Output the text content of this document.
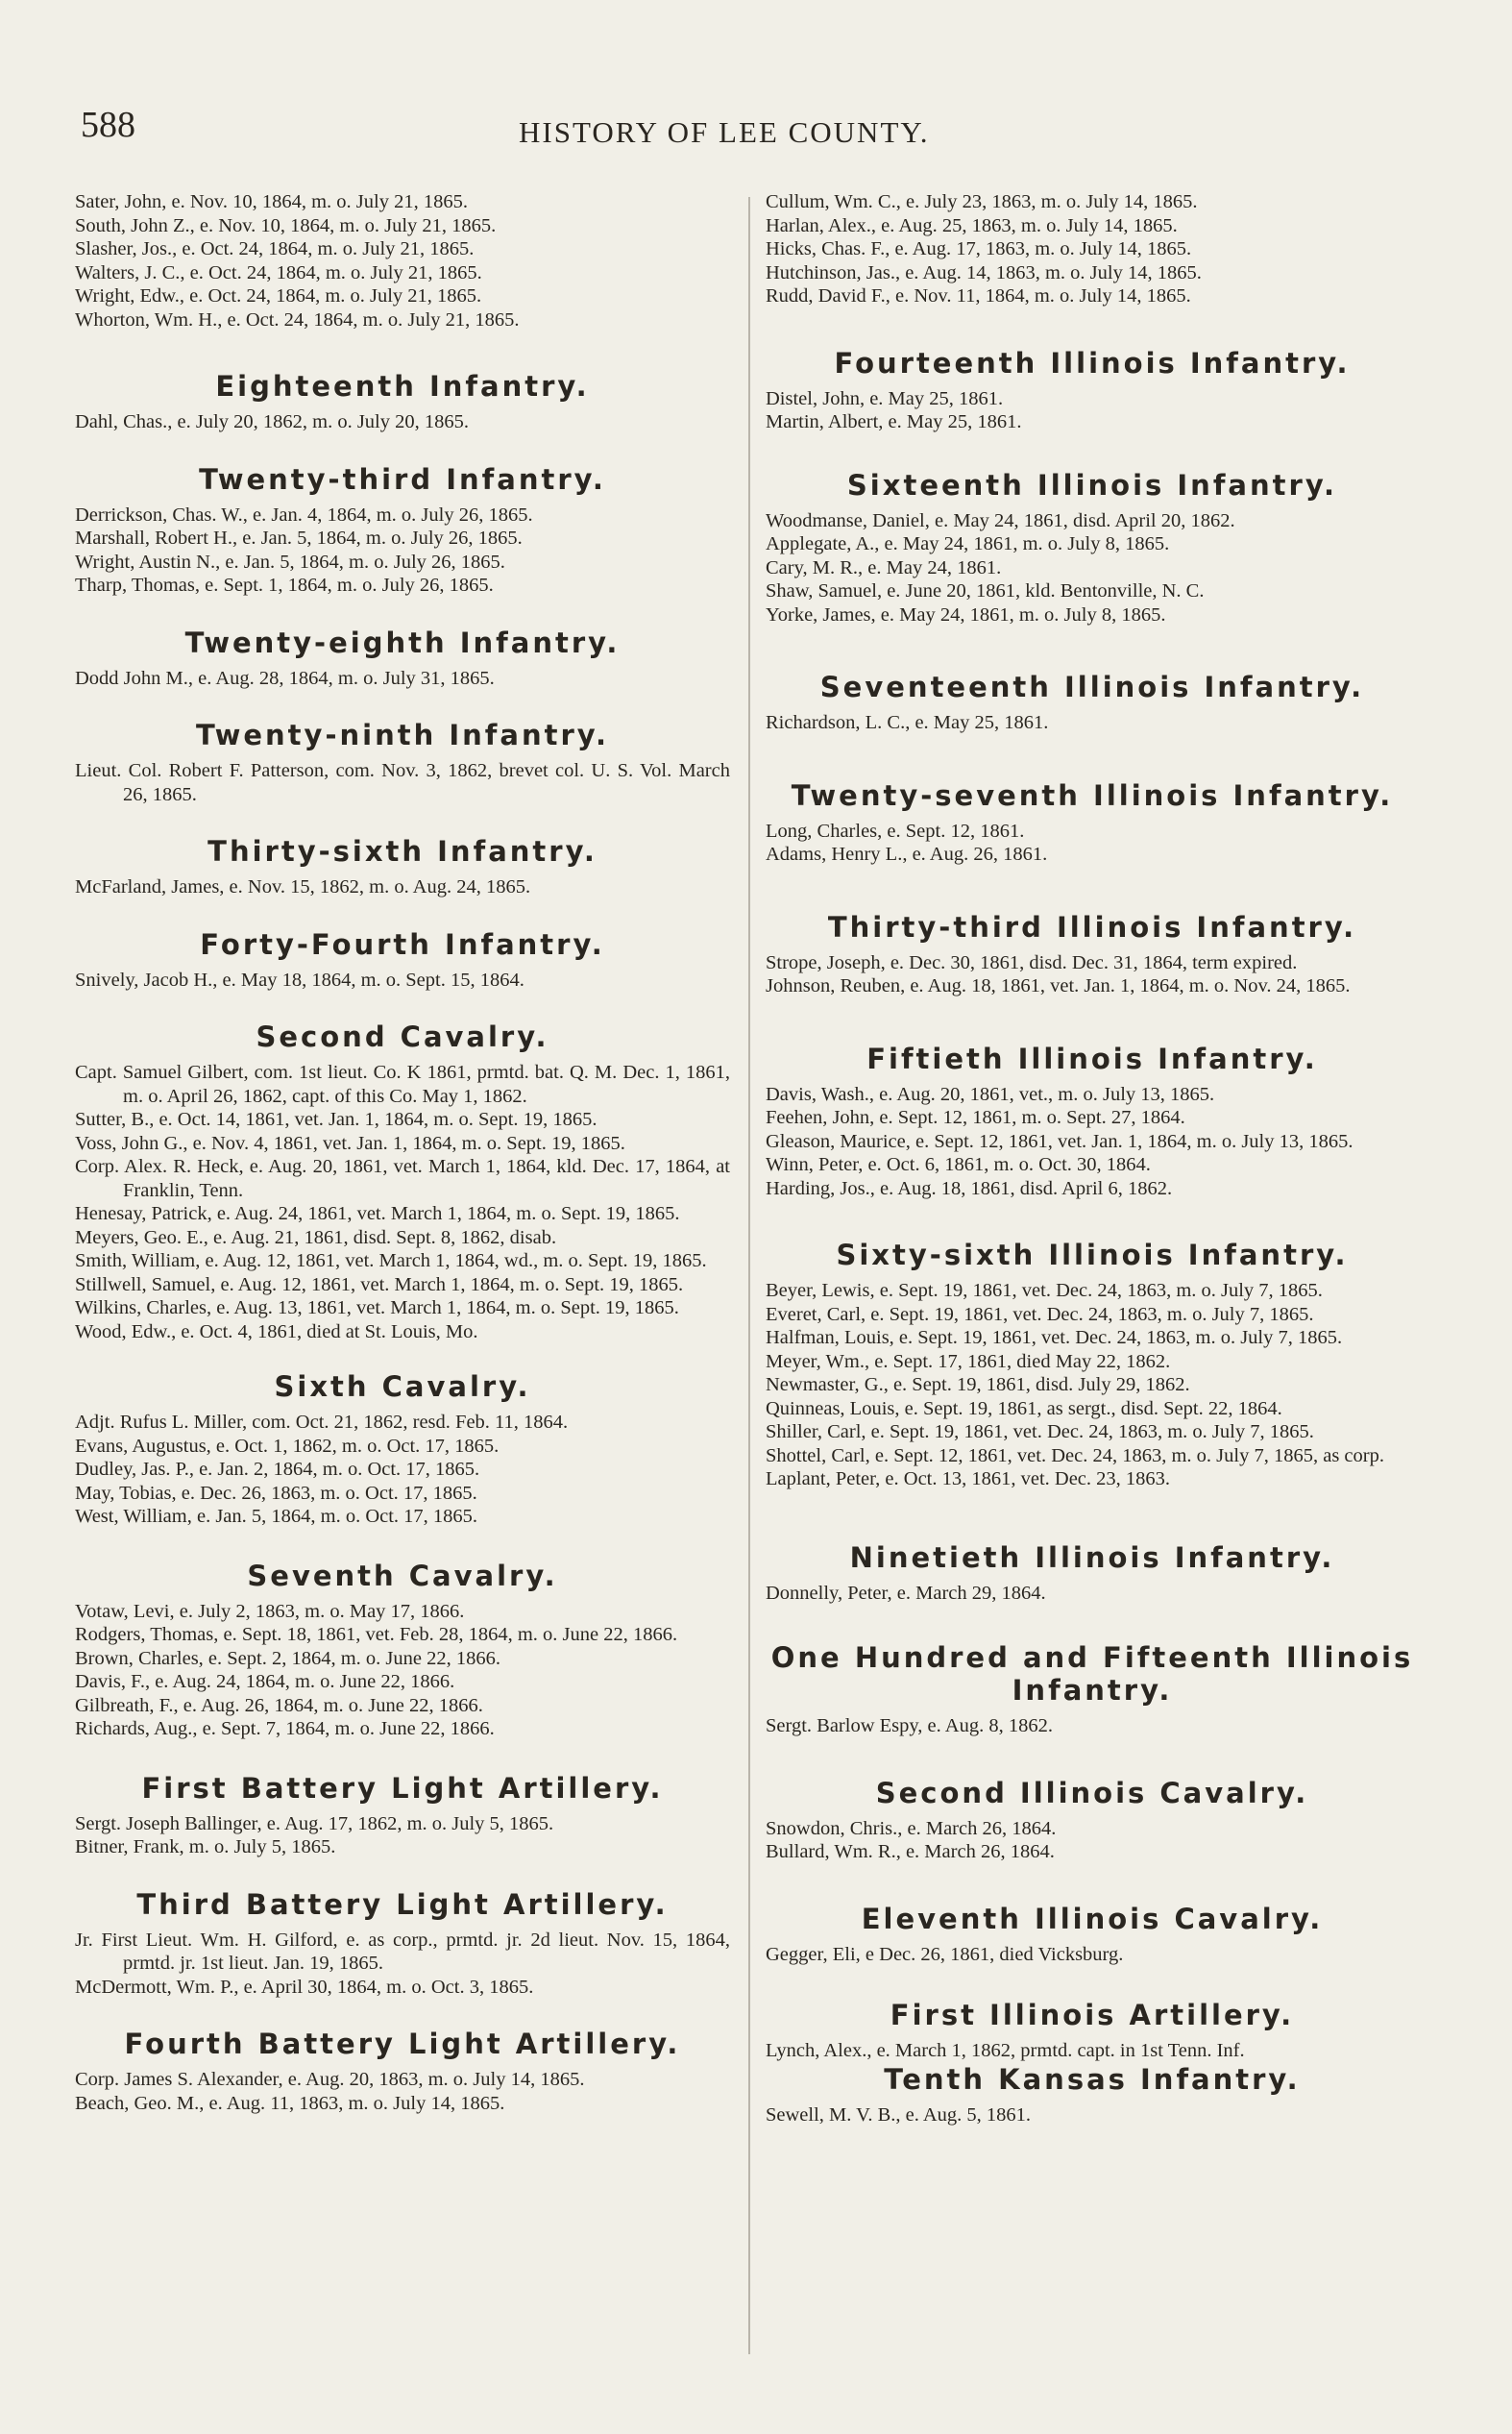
588	HISTORY OF LEE COUNTY.
Sater, John, e. Nov. 10, 1864, m. o. July 21, 1865.
South, John Z., e. Nov. 10, 1864, m. o. July 21, 1865.
Slasher, Jos., e. Oct. 24, 1864, m. o. July 21, 1865.
Walters, J. C., e. Oct. 24, 1864, m. o. July 21, 1865.
Wright, Edw., e. Oct. 24, 1864, m. o. July 21, 1865.
Whorton, Wm. H., e. Oct. 24, 1864, m. o. July 21, 1865.
Eighteenth Infantry.
Dahl, Chas., e. July 20, 1862, m. o. July 20, 1865.
Twenty-third Infantry.
Derrickson, Chas. W., e. Jan. 4, 1864, m. o. July 26, 1865.
Marshall, Robert H., e. Jan. 5, 1864, m. o. July 26, 1865.
Wright, Austin N., e. Jan. 5, 1864, m. o. July 26, 1865.
Tharp, Thomas, e. Sept. 1, 1864, m. o. July 26, 1865.
Twenty-eighth Infantry.
Dodd John M., e. Aug. 28, 1864, m. o. July 31, 1865.
Twenty-ninth Infantry.
Lieut. Col. Robert F. Patterson, com. Nov. 3, 1862, brevet col. U. S. Vol. March 26, 1865.
Thirty-sixth Infantry.
McFarland, James, e. Nov. 15, 1862, m. o. Aug. 24, 1865.
Forty-Fourth Infantry.
Snively, Jacob H., e. May 18, 1864, m. o. Sept. 15, 1864.
Second Cavalry.
Capt. Samuel Gilbert, com. 1st lieut. Co. K 1861, prmtd. bat. Q. M. Dec. 1, 1861, m. o. April 26, 1862, capt. of this Co. May 1, 1862.
Sutter, B., e. Oct. 14, 1861, vet. Jan. 1, 1864, m. o. Sept. 19, 1865.
Voss, John G., e. Nov. 4, 1861, vet. Jan. 1, 1864, m. o. Sept. 19, 1865.
Corp. Alex. R. Heck, e. Aug. 20, 1861, vet. March 1, 1864, kld. Dec. 17, 1864, at Franklin, Tenn.
Henesay, Patrick, e. Aug. 24, 1861, vet. March 1, 1864, m. o. Sept. 19, 1865.
Meyers, Geo. E., e. Aug. 21, 1861, disd. Sept. 8, 1862, disab.
Smith, William, e. Aug. 12, 1861, vet. March 1, 1864, wd., m. o. Sept. 19, 1865.
Stillwell, Samuel, e. Aug. 12, 1861, vet. March 1, 1864, m. o. Sept. 19, 1865.
Wilkins, Charles, e. Aug. 13, 1861, vet. March 1, 1864, m. o. Sept. 19, 1865.
Wood, Edw., e. Oct. 4, 1861, died at St. Louis, Mo.
Sixth Cavalry.
Adjt. Rufus L. Miller, com. Oct. 21, 1862, resd. Feb. 11, 1864.
Evans, Augustus, e. Oct. 1, 1862, m. o. Oct. 17, 1865.
Dudley, Jas. P., e. Jan. 2, 1864, m. o. Oct. 17, 1865.
May, Tobias, e. Dec. 26, 1863, m. o. Oct. 17, 1865.
West, William, e. Jan. 5, 1864, m. o. Oct. 17, 1865.
Seventh Cavalry.
Votaw, Levi, e. July 2, 1863, m. o. May 17, 1866.
Rodgers, Thomas, e. Sept. 18, 1861, vet. Feb. 28, 1864, m. o. June 22, 1866.
Brown, Charles, e. Sept. 2, 1864, m. o. June 22, 1866.
Davis, F., e. Aug. 24, 1864, m. o. June 22, 1866.
Gilbreath, F., e. Aug. 26, 1864, m. o. June 22, 1866.
Richards, Aug., e. Sept. 7, 1864, m. o. June 22, 1866.
First Battery Light Artillery.
Sergt. Joseph Ballinger, e. Aug. 17, 1862, m. o. July 5, 1865.
Bitner, Frank, m. o. July 5, 1865.
Third Battery Light Artillery.
Jr. First Lieut. Wm. H. Gilford, e. as corp., prmtd. jr. 2d lieut. Nov. 15, 1864, prmtd. jr. 1st lieut. Jan. 19, 1865.
McDermott, Wm. P., e. April 30, 1864, m. o. Oct. 3, 1865.
Fourth Battery Light Artillery.
Corp. James S. Alexander, e. Aug. 20, 1863, m. o. July 14, 1865.
Beach, Geo. M., e. Aug. 11, 1863, m. o. July 14, 1865.
Cullum, Wm. C., e. July 23, 1863, m. o. July 14, 1865.
Harlan, Alex., e. Aug. 25, 1863, m. o. July 14, 1865.
Hicks, Chas. F., e. Aug. 17, 1863, m. o. July 14, 1865.
Hutchinson, Jas., e. Aug. 14, 1863, m. o. July 14, 1865.
Rudd, David F., e. Nov. 11, 1864, m. o. July 14, 1865.
Fourteenth Illinois Infantry.
Distel, John, e. May 25, 1861.
Martin, Albert, e. May 25, 1861.
Sixteenth Illinois Infantry.
Woodmanse, Daniel, e. May 24, 1861, disd. April 20, 1862.
Applegate, A., e. May 24, 1861, m. o. July 8, 1865.
Cary, M. R., e. May 24, 1861.
Shaw, Samuel, e. June 20, 1861, kld. Bentonville, N. C.
Yorke, James, e. May 24, 1861, m. o. July 8, 1865.
Seventeenth Illinois Infantry.
Richardson, L. C., e. May 25, 1861.
Twenty-seventh Illinois Infantry.
Long, Charles, e. Sept. 12, 1861.
Adams, Henry L., e. Aug. 26, 1861.
Thirty-third Illinois Infantry.
Strope, Joseph, e. Dec. 30, 1861, disd. Dec. 31, 1864, term expired.
Johnson, Reuben, e. Aug. 18, 1861, vet. Jan. 1, 1864, m. o. Nov. 24, 1865.
Fiftieth Illinois Infantry.
Davis, Wash., e. Aug. 20, 1861, vet., m. o. July 13, 1865.
Feehen, John, e. Sept. 12, 1861, m. o. Sept. 27, 1864.
Gleason, Maurice, e. Sept. 12, 1861, vet. Jan. 1, 1864, m. o. July 13, 1865.
Winn, Peter, e. Oct. 6, 1861, m. o. Oct. 30, 1864.
Harding, Jos., e. Aug. 18, 1861, disd. April 6, 1862.
Sixty-sixth Illinois Infantry.
Beyer, Lewis, e. Sept. 19, 1861, vet. Dec. 24, 1863, m. o. July 7, 1865.
Everet, Carl, e. Sept. 19, 1861, vet. Dec. 24, 1863, m. o. July 7, 1865.
Halfman, Louis, e. Sept. 19, 1861, vet. Dec. 24, 1863, m. o. July 7, 1865.
Meyer, Wm., e. Sept. 17, 1861, died May 22, 1862.
Newmaster, G., e. Sept. 19, 1861, disd. July 29, 1862.
Quinneas, Louis, e. Sept. 19, 1861, as sergt., disd. Sept. 22, 1864.
Shiller, Carl, e. Sept. 19, 1861, vet. Dec. 24, 1863, m. o. July 7, 1865.
Shottel, Carl, e. Sept. 12, 1861, vet. Dec. 24, 1863, m. o. July 7, 1865, as corp.
Laplant, Peter, e. Oct. 13, 1861, vet. Dec. 23, 1863.
Ninetieth Illinois Infantry.
Donnelly, Peter, e. March 29, 1864.
One Hundred and Fifteenth Illinois Infantry.
Sergt. Barlow Espy, e. Aug. 8, 1862.
Second Illinois Cavalry.
Snowdon, Chris., e. March 26, 1864.
Bullard, Wm. R., e. March 26, 1864.
Eleventh Illinois Cavalry.
Gegger, Eli, e Dec. 26, 1861, died Vicksburg.
First Illinois Artillery.
Lynch, Alex., e. March 1, 1862, prmtd. capt. in 1st Tenn. Inf.
Tenth Kansas Infantry.
Sewell, M. V. B., e. Aug. 5, 1861.
